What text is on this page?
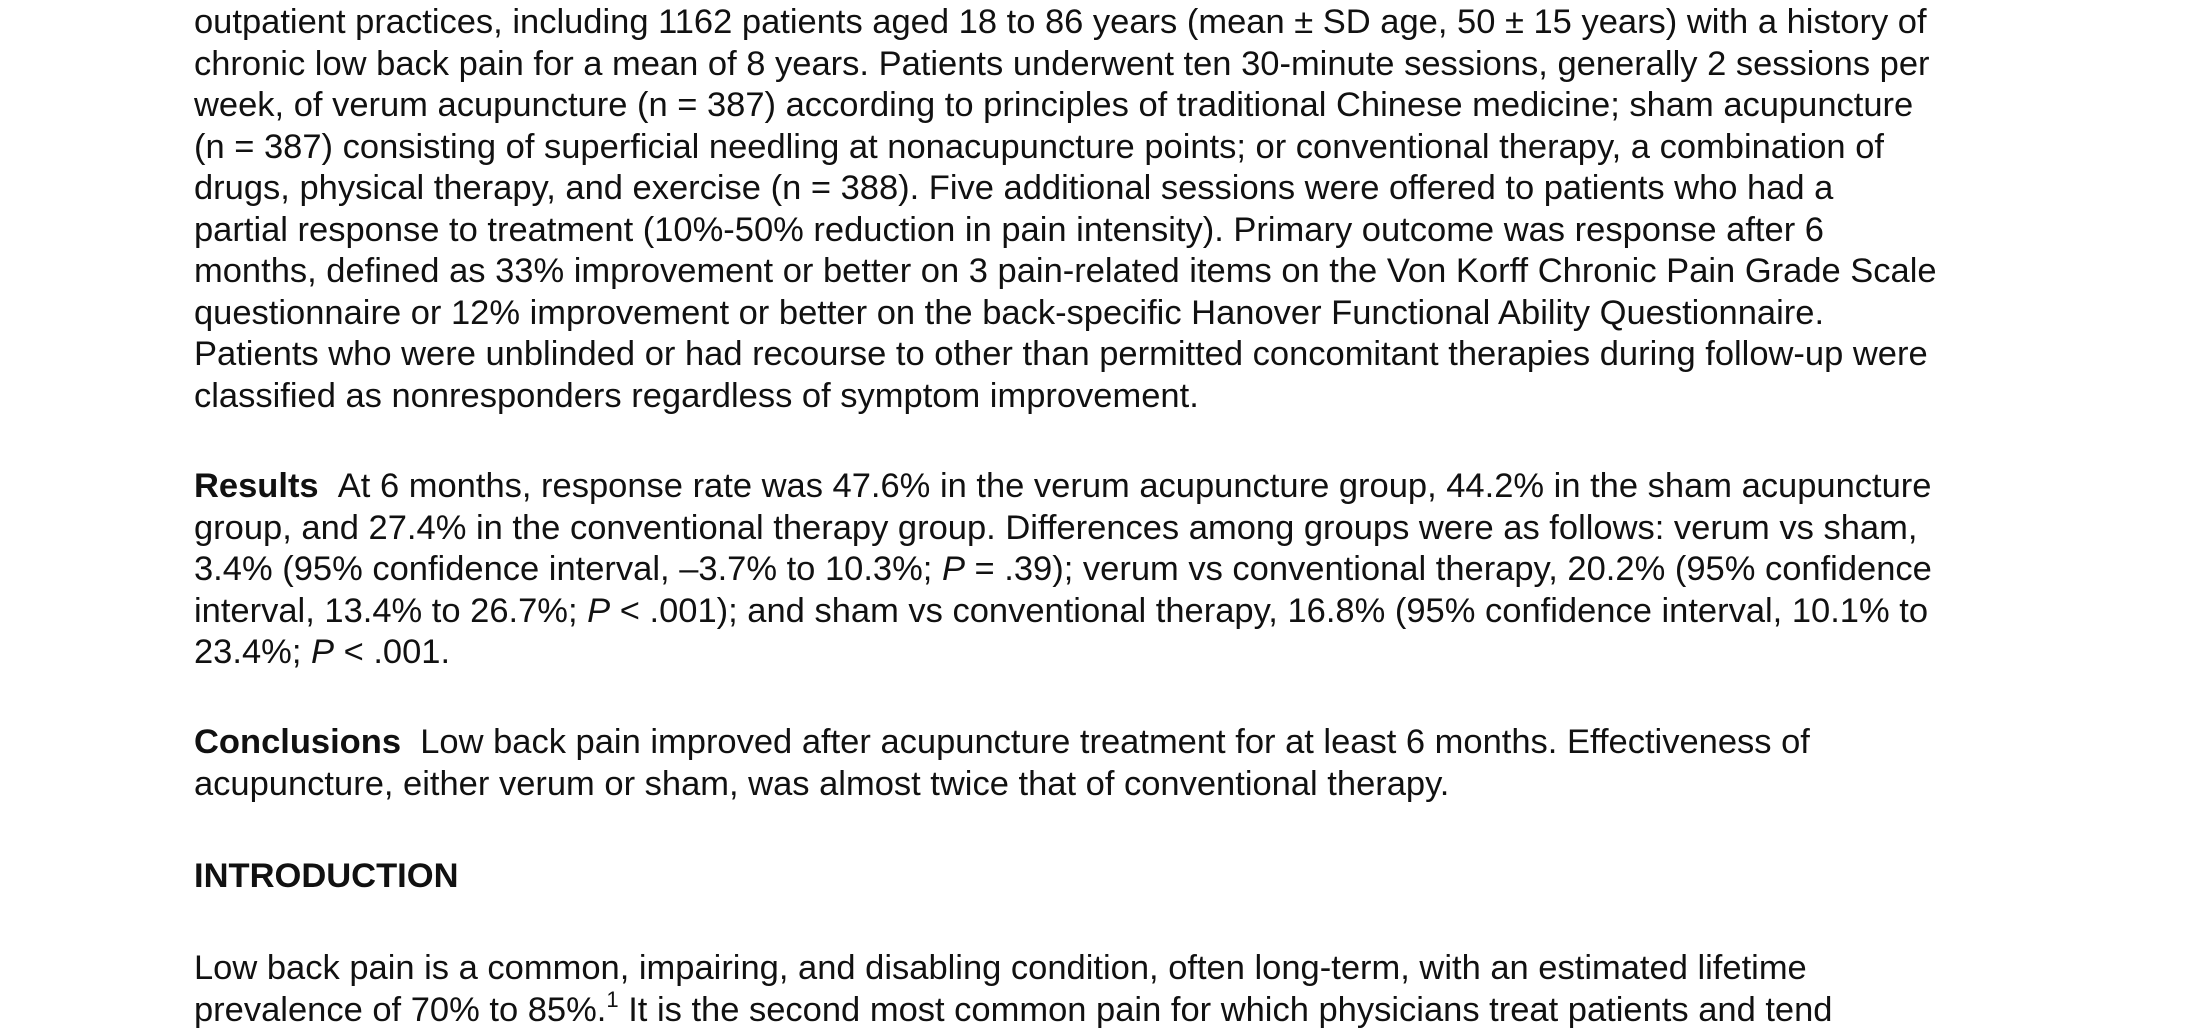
outpatient practices, including 1162 patients aged 18 to 86 years (mean ± SD age, 50 ± 15 years) with a history of
chronic low back pain for a mean of 8 years. Patients underwent ten 30-minute sessions, generally 2 sessions per
week, of verum acupuncture (n = 387) according to principles of traditional Chinese medicine; sham acupuncture
(n = 387) consisting of superficial needling at nonacupuncture points; or conventional therapy, a combination of
drugs, physical therapy, and exercise (n = 388). Five additional sessions were offered to patients who had a
partial response to treatment (10%-50% reduction in pain intensity). Primary outcome was response after 6
months, defined as 33% improvement or better on 3 pain-related items on the Von Korff Chronic Pain Grade Scale
questionnaire or 12% improvement or better on the back-specific Hanover Functional Ability Questionnaire.
Patients who were unblinded or had recourse to other than permitted concomitant therapies during follow-up were
classified as nonresponders regardless of symptom improvement.

Results At 6 months, response rate was 47.6% in the verum acupuncture group, 44.2% in the sham acupuncture
group, and 27.4% in the conventional therapy group. Differences among groups were as follows: verum vs sham,
3.4% (95% confidence interval, –3.7% to 10.3%; P = .39); verum vs conventional therapy, 20.2% (95% confidence
interval, 13.4% to 26.7%; P < .001); and sham vs conventional therapy, 16.8% (95% confidence interval, 10.1% to
23.4%; P < .001.

Conclusions Low back pain improved after acupuncture treatment for at least 6 months. Effectiveness of
acupuncture, either verum or sham, was almost twice that of conventional therapy.

INTRODUCTION

Low back pain is a common, impairing, and disabling condition, often long-term, with an estimated lifetime
prevalence of 70% to 85%.$^1$ It is the second most common pain for which physicians treat patients and tend
